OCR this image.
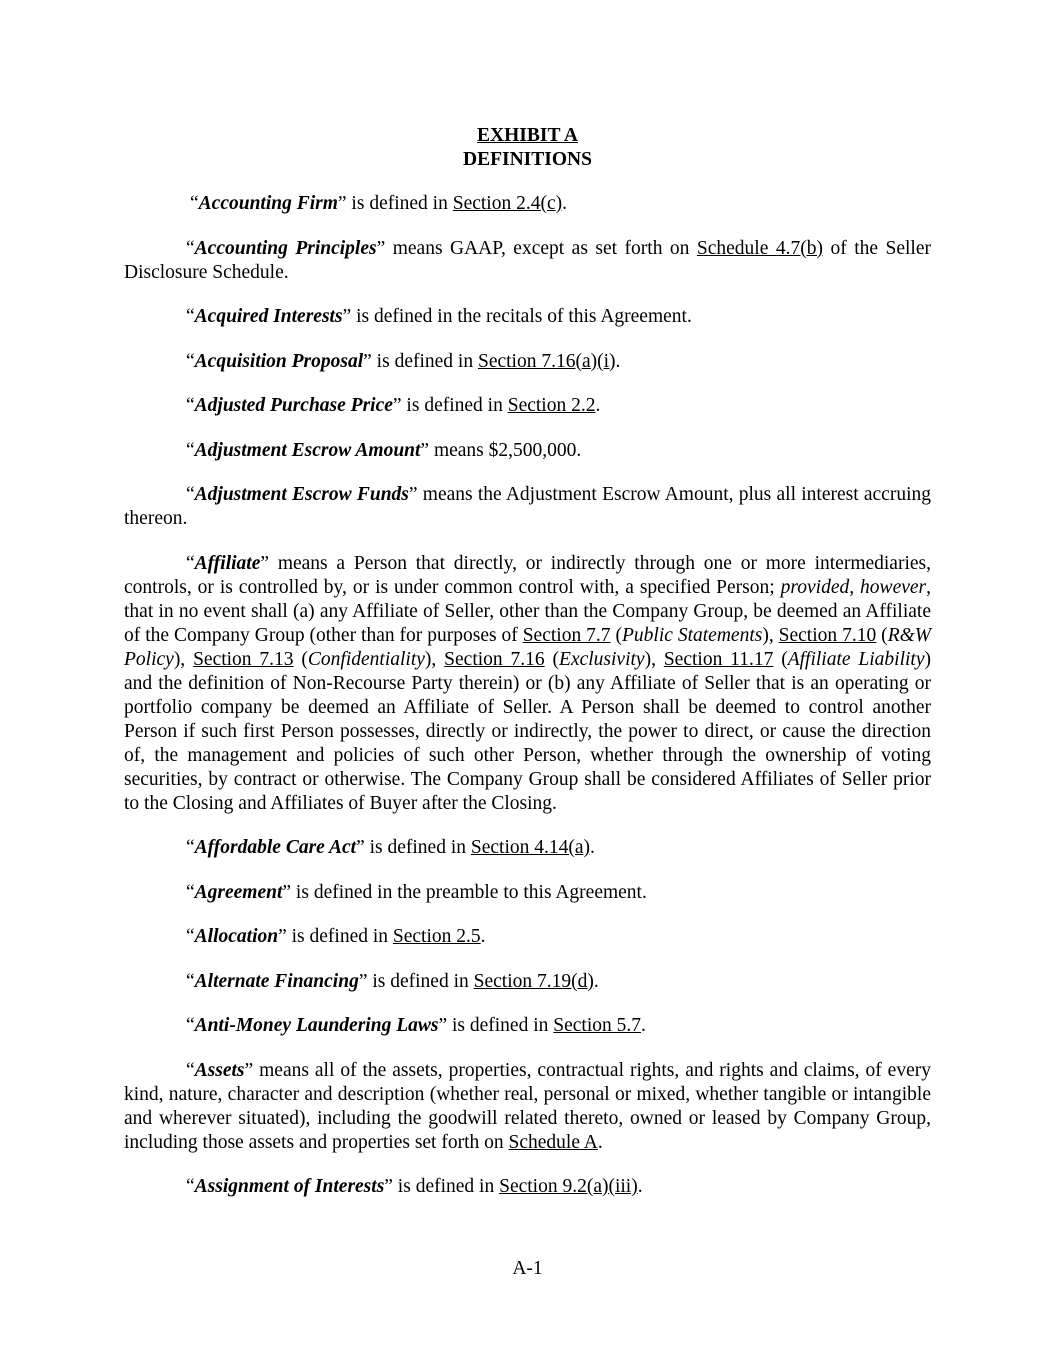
EXHIBIT A
DEFINITIONS

“Accounting Firm” is defined in Section 2.4(c).

“Accounting Principles” means GAAP, except as set forth on Schedule 4.7(b) of the Seller Disclosure Schedule.

“Acquired Interests” is defined in the recitals of this Agreement.

“Acquisition Proposal” is defined in Section 7.16(a)(i).

“Adjusted Purchase Price” is defined in Section 2.2.

“Adjustment Escrow Amount” means $2,500,000.

“Adjustment Escrow Funds” means the Adjustment Escrow Amount, plus all interest accruing thereon.

“Affiliate” means a Person that directly, or indirectly through one or more intermediaries, controls, or is controlled by, or is under common control with, a specified Person; provided, however, that in no event shall (a) any Affiliate of Seller, other than the Company Group, be deemed an Affiliate of the Company Group (other than for purposes of Section 7.7 (Public Statements), Section 7.10 (R&W Policy), Section 7.13 (Confidentiality), Section 7.16 (Exclusivity), Section 11.17 (Affiliate Liability) and the definition of Non-Recourse Party therein) or (b) any Affiliate of Seller that is an operating or portfolio company be deemed an Affiliate of Seller. A Person shall be deemed to control another Person if such first Person possesses, directly or indirectly, the power to direct, or cause the direction of, the management and policies of such other Person, whether through the ownership of voting securities, by contract or otherwise. The Company Group shall be considered Affiliates of Seller prior to the Closing and Affiliates of Buyer after the Closing.

“Affordable Care Act” is defined in Section 4.14(a).

“Agreement” is defined in the preamble to this Agreement.

“Allocation” is defined in Section 2.5.

“Alternate Financing” is defined in Section 7.19(d).

“Anti-Money Laundering Laws” is defined in Section 5.7.

“Assets” means all of the assets, properties, contractual rights, and rights and claims, of every kind, nature, character and description (whether real, personal or mixed, whether tangible or intangible and wherever situated), including the goodwill related thereto, owned or leased by Company Group, including those assets and properties set forth on Schedule A.

“Assignment of Interests” is defined in Section 9.2(a)(iii).

A-1
